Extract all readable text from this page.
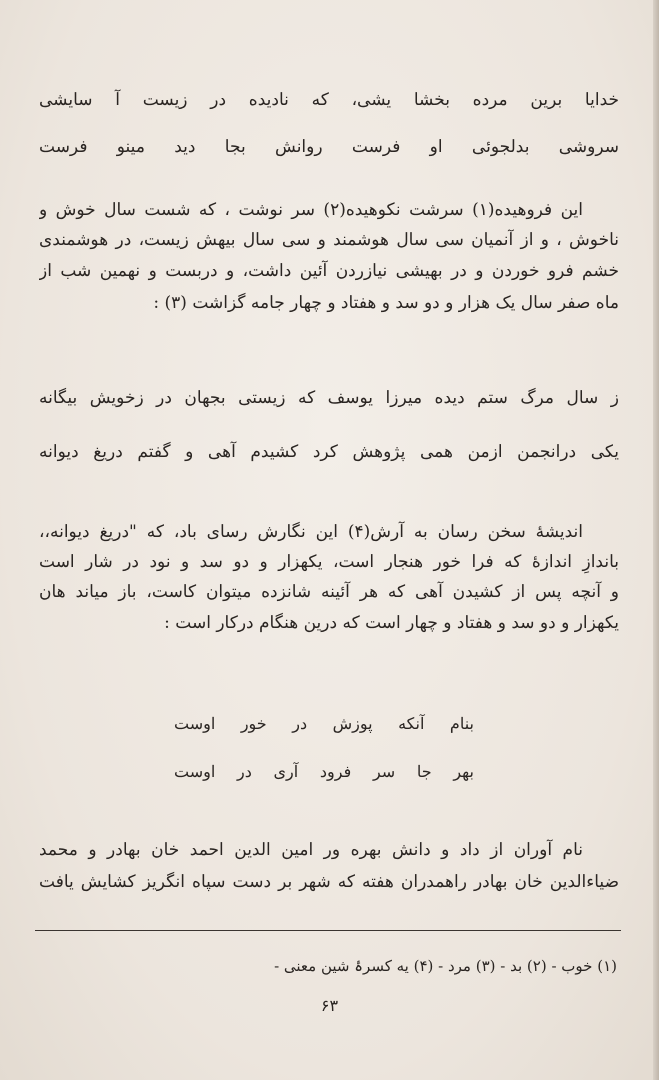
خدایا برین مرده بخشا یشی، که نادیده در زیست آ سایشی
سروشی بدلجوئی او فرست روانش بجا دید مینو فرست
این فروهیده(۱) سرشت نکوهیده(۲) سر نوشت ، که شست سال خوش و
ناخوش ، و از آنمیان سی سال هوشمند و سی سال بیهش زیست، در هوشمندی
خشم فرو خوردن و در بهیشی نیازردن آئین داشت، و دربست و نهمین شب از
ماه صفر سال یک هزار و دو سد و هفتاد و چهار جامه گزاشت (۳) :
ز سال مرگ ستم دیده میرزا یوسف که زیستی بجهان در زخویش بیگانه
یکی درانجمن ازمن همی پژوهش کرد کشیدم آهی و گفتم دریغ دیوانه
اندیشهٔ سخن رسان به آرش(۴) این نگارش رسای باد، که "دریغ دیوانه،،
باندازِ اندازهٔ که فرا خور هنجار است، یکهزار و دو سد و نود در شار است
و آنچه پس از کشیدن آهی که هر آئینه شانزده میتوان کاست، باز میاند هان
یکهزار و دو سد و هفتاد و چهار است که درین هنگام درکار است :
بنام آنکه پوزش در خور اوست
بهر جا سر فرود آری در اوست
نام آوران از داد و دانش بهره ور امین الدین احمد خان بهادر و محمد
ضیاءالدین خان بهادر راهمدران هفته که شهر بر دست سپاه انگریز کشایش یافت
(۱) خوب - (۲) بد - (۳) مرد - (۴) یه کسرۂ شین معنی -
۶۳
